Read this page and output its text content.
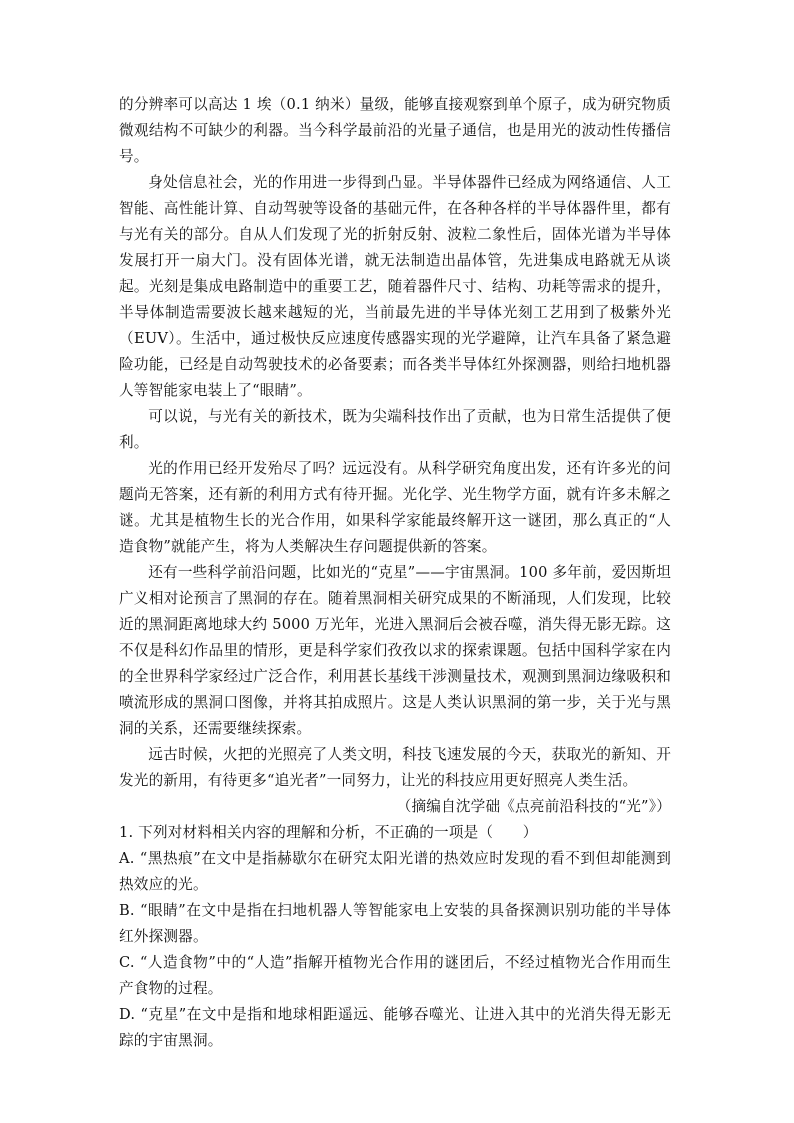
的分辨率可以高达 1 埃（0.1 纳米）量级，能够直接观察到单个原子，成为研究物质微观结构不可缺少的利器。当今科学最前沿的光量子通信，也是用光的波动性传播信号。

身处信息社会，光的作用进一步得到凸显。半导体器件已经成为网络通信、人工智能、高性能计算、自动驾驶等设备的基础元件，在各种各样的半导体器件里，都有与光有关的部分。自从人们发现了光的折射反射、波粒二象性后，固体光谱为半导体发展打开一扇大门。没有固体光谱，就无法制造出晶体管，先进集成电路就无从谈起。光刻是集成电路制造中的重要工艺，随着器件尺寸、结构、功耗等需求的提升，半导体制造需要波长越来越短的光，当前最先进的半导体光刻工艺用到了极紫外光（EUV）。生活中，通过极快反应速度传感器实现的光学避障，让汽车具备了紧急避险功能，已经是自动驾驶技术的必备要素；而各类半导体红外探测器，则给扫地机器人等智能家电装上了“眼睛”。

可以说，与光有关的新技术，既为尖端科技作出了贡献，也为日常生活提供了便利。

光的作用已经开发殆尽了吗？远远没有。从科学研究角度出发，还有许多光的问题尚无答案，还有新的利用方式有待开掘。光化学、光生物学方面，就有许多未解之谜。尤其是植物生长的光合作用，如果科学家能最终解开这一谜团，那么真正的“人造食物”就能产生，将为人类解决生存问题提供新的答案。

还有一些科学前沿问题，比如光的“克星”——宇宙黑洞。100 多年前，爱因斯坦广义相对论预言了黑洞的存在。随着黑洞相关研究成果的不断涌现，人们发现，比较近的黑洞距离地球大约 5000 万光年，光进入黑洞后会被吞噬，消失得无影无踪。这不仅是科幻作品里的情形，更是科学家们孜孜以求的探索课题。包括中国科学家在内的全世界科学家经过广泛合作，利用甚长基线干涉测量技术，观测到黑洞边缘吸积和喷流形成的黑洞口图像，并将其拍成照片。这是人类认识黑洞的第一步，关于光与黑洞的关系，还需要继续探索。

远古时候，火把的光照亮了人类文明，科技飞速发展的今天，获取光的新知、开发光的新用，有待更多“追光者”一同努力，让光的科技应用更好照亮人类生活。

（摘编自沈学础《点亮前沿科技的“光”》）

1. 下列对材料相关内容的理解和分析，不正确的一项是（　　）

A. “黑热痕”在文中是指赫歇尔在研究太阳光谱的热效应时发现的看不到但却能测到热效应的光。

B. “眼睛”在文中是指在扫地机器人等智能家电上安装的具备探测识别功能的半导体红外探测器。

C. “人造食物”中的“人造”指解开植物光合作用的谜团后，不经过植物光合作用而生产食物的过程。

D. “克星”在文中是指和地球相距遥远、能够吞噬光、让进入其中的光消失得无影无踪的宇宙黑洞。
